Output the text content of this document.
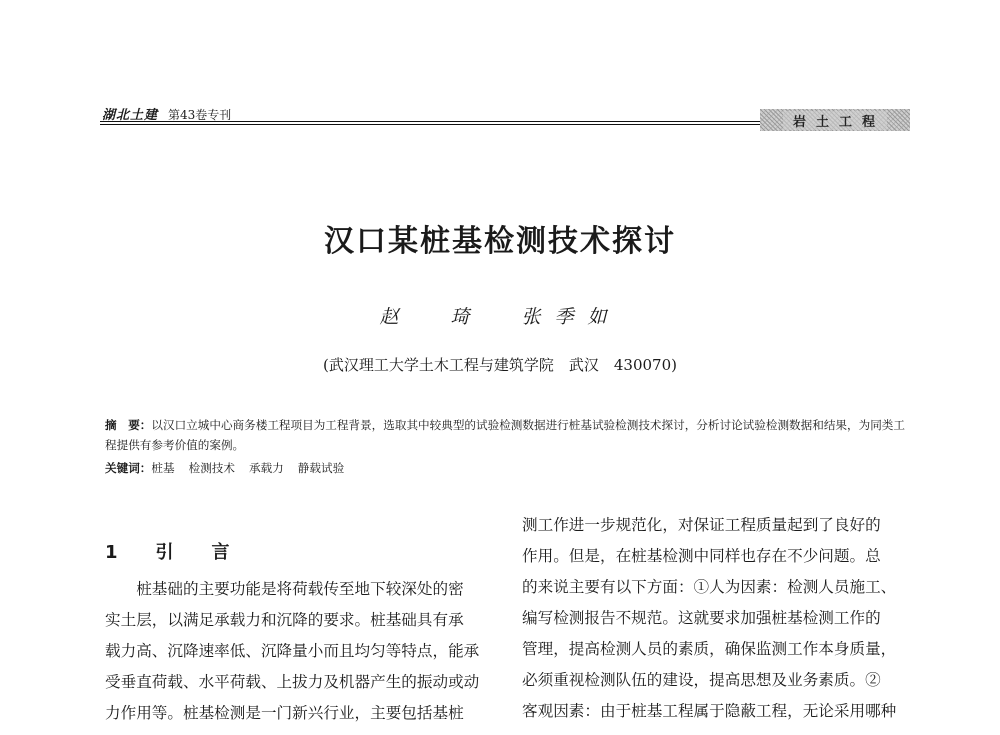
湖北土建 第43卷专刊	岩土工程
汉口某桩基检测技术探讨
赵 琦 张季如
(武汉理工大学土木工程与建筑学院　武汉　430070)
摘　要：以汉口立城中心商务楼工程项目为工程背景，选取其中较典型的试验检测数据进行桩基试验检测技术探讨，分析讨论试验检测数据和结果，为同类工程提供有参考价值的案例。
关键词：桩基 检测技术 承载力 静载试验
1　引　言
桩基础的主要功能是将荷载传至地下较深处的密
实土层，以满足承载力和沉降的要求。桩基础具有承
载力高、沉降速率低、沉降量小而且均匀等特点，能承
受垂直荷载、水平荷载、上拔力及机器产生的振动或动
力作用等。桩基检测是一门新兴行业，主要包括基桩
测工作进一步规范化，对保证工程质量起到了良好的
作用。但是，在桩基检测中同样也存在不少问题。总
的来说主要有以下方面：①人为因素：检测人员施工、
编写检测报告不规范。这就要求加强桩基检测工作的
管理，提高检测人员的素质，确保监测工作本身质量，
必须重视检测队伍的建设，提高思想及业务素质。②
客观因素：由于桩基工程属于隐蔽工程，无论采用哪种
